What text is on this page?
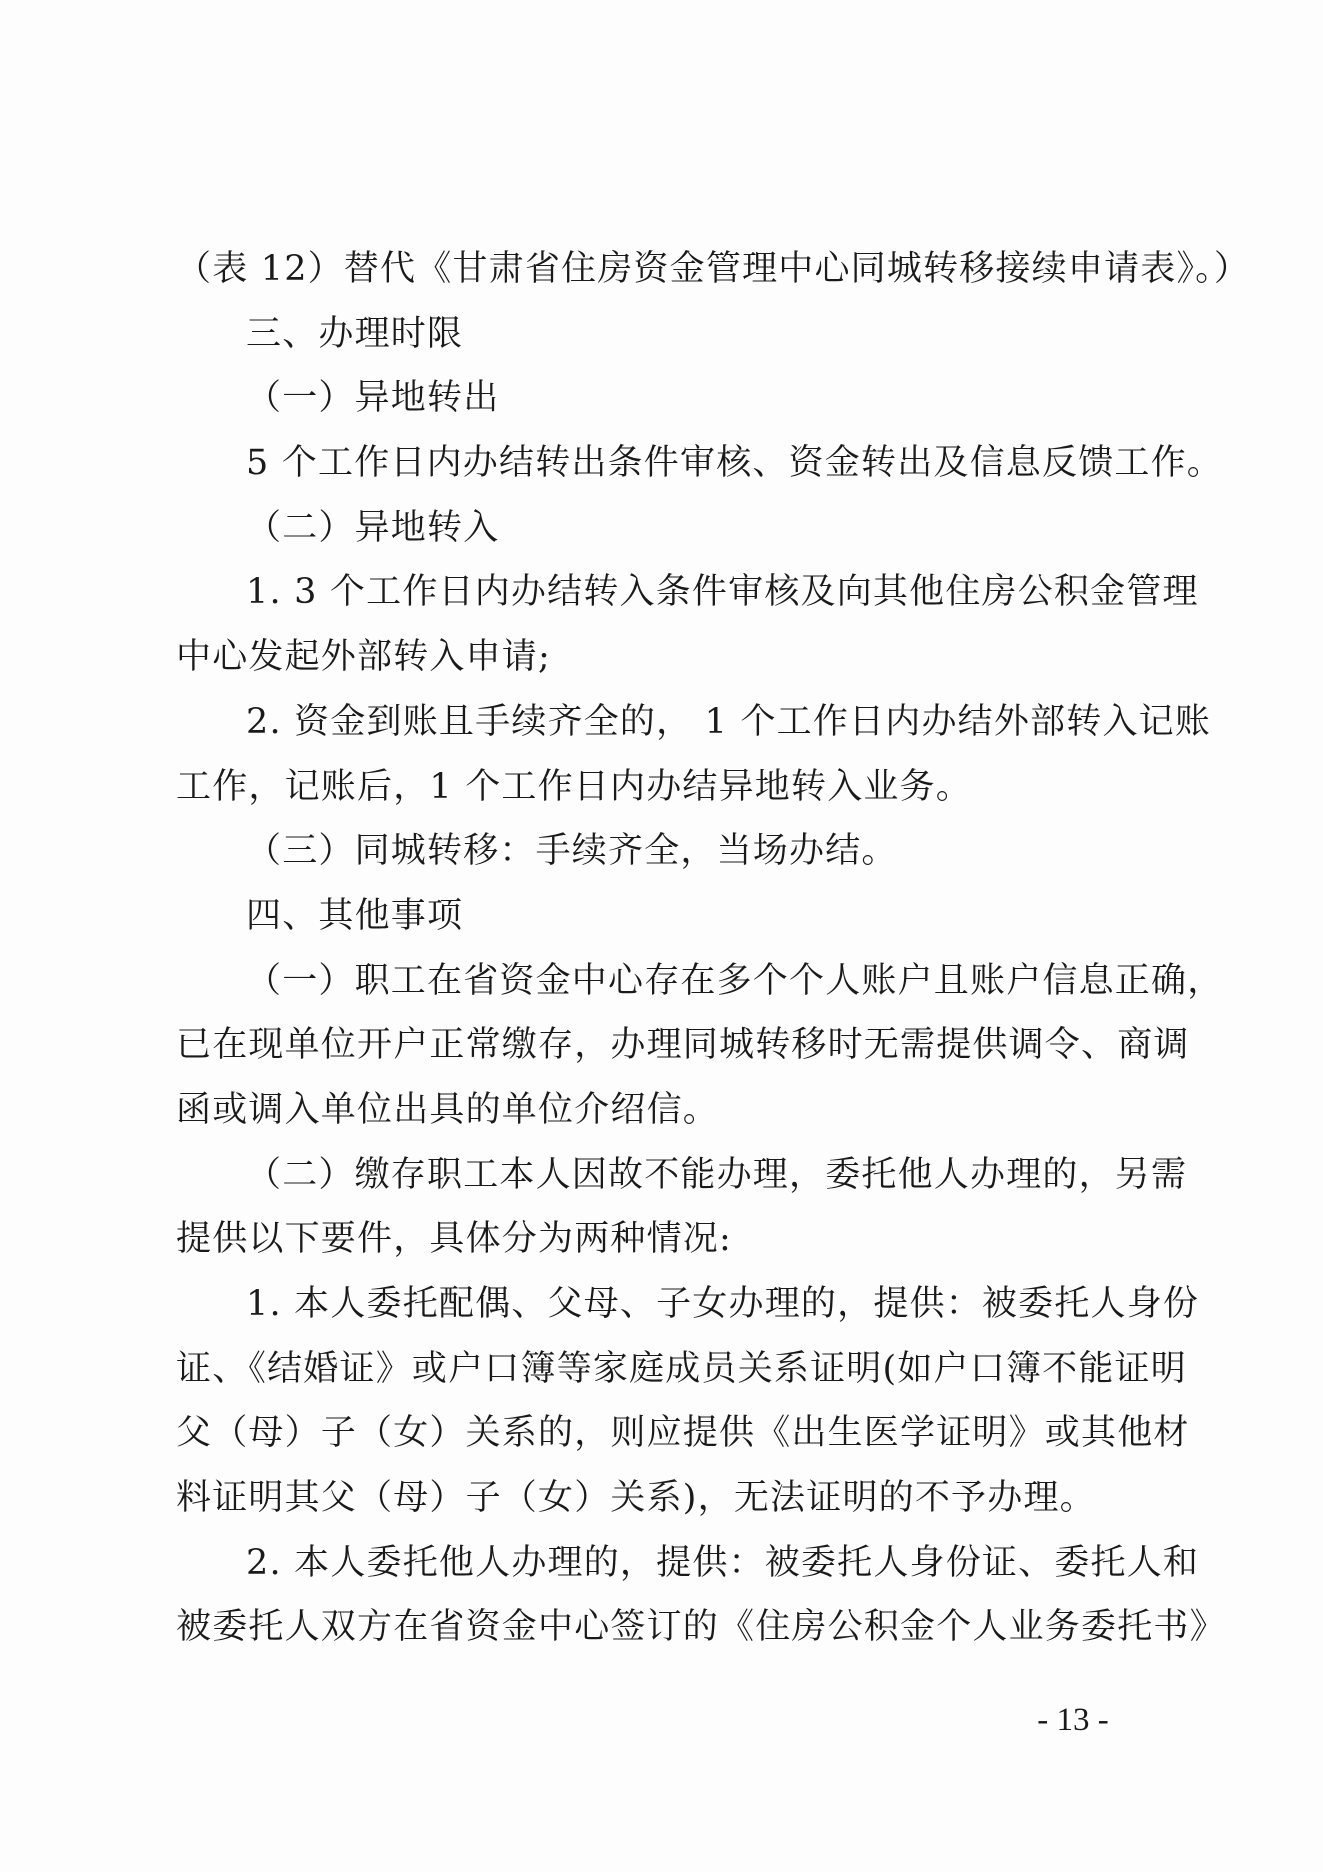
（表 12）替代《甘肃省住房资金管理中心同城转移接续申请表》。）
三、办理时限
（一）异地转出
5 个工作日内办结转出条件审核、资金转出及信息反馈工作。
（二）异地转入
1. 3 个工作日内办结转入条件审核及向其他住房公积金管理
中心发起外部转入申请;
2. 资金到账且手续齐全的， 1 个工作日内办结外部转入记账
工作，记账后，1 个工作日内办结异地转入业务。
（三）同城转移：手续齐全，当场办结。
四、其他事项
（一）职工在省资金中心存在多个个人账户且账户信息正确，
已在现单位开户正常缴存，办理同城转移时无需提供调令、商调
函或调入单位出具的单位介绍信。
（二）缴存职工本人因故不能办理，委托他人办理的，另需
提供以下要件，具体分为两种情况:
1. 本人委托配偶、父母、子女办理的，提供：被委托人身份
证、《结婚证》或户口簿等家庭成员关系证明(如户口簿不能证明
父（母）子（女）关系的，则应提供《出生医学证明》或其他材
料证明其父（母）子（女）关系)，无法证明的不予办理。
2. 本人委托他人办理的，提供：被委托人身份证、委托人和
被委托人双方在省资金中心签订的《住房公积金个人业务委托书》
- 13 -
